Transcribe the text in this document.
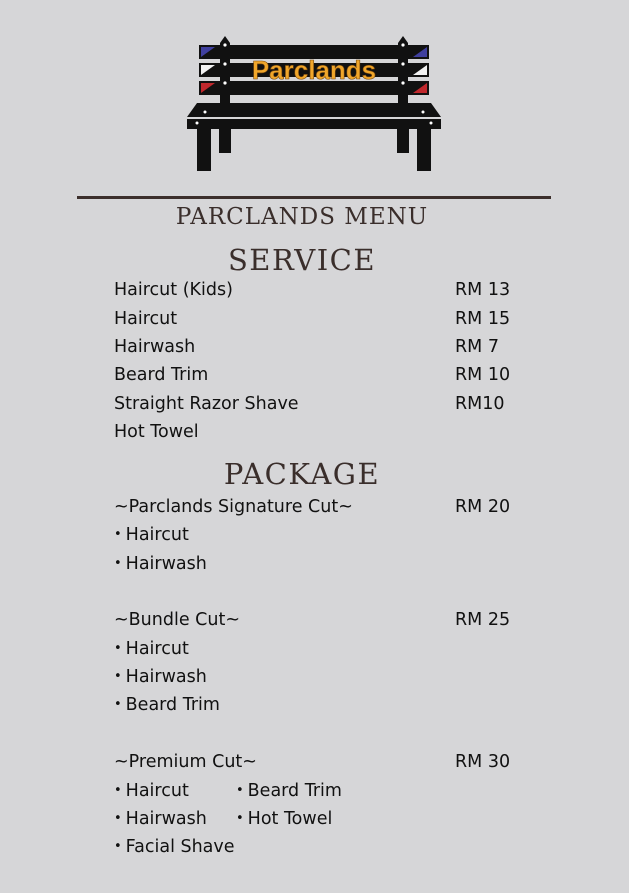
Parclands
PARCLANDS MENU
SERVICE
Haircut (Kids)	RM 13
Haircut	RM 15
Hairwash	RM 7
Beard Trim	RM 10
Straight Razor Shave	RM10
Hot Towel
PACKAGE
~Parclands Signature Cut~	RM 20
• Haircut
• Hairwash
~Bundle Cut~	RM 25
• Haircut
• Hairwash
• Beard Trim
~Premium Cut~	RM 30
• Haircut	• Beard Trim
• Hairwash	• Hot Towel
• Facial Shave
